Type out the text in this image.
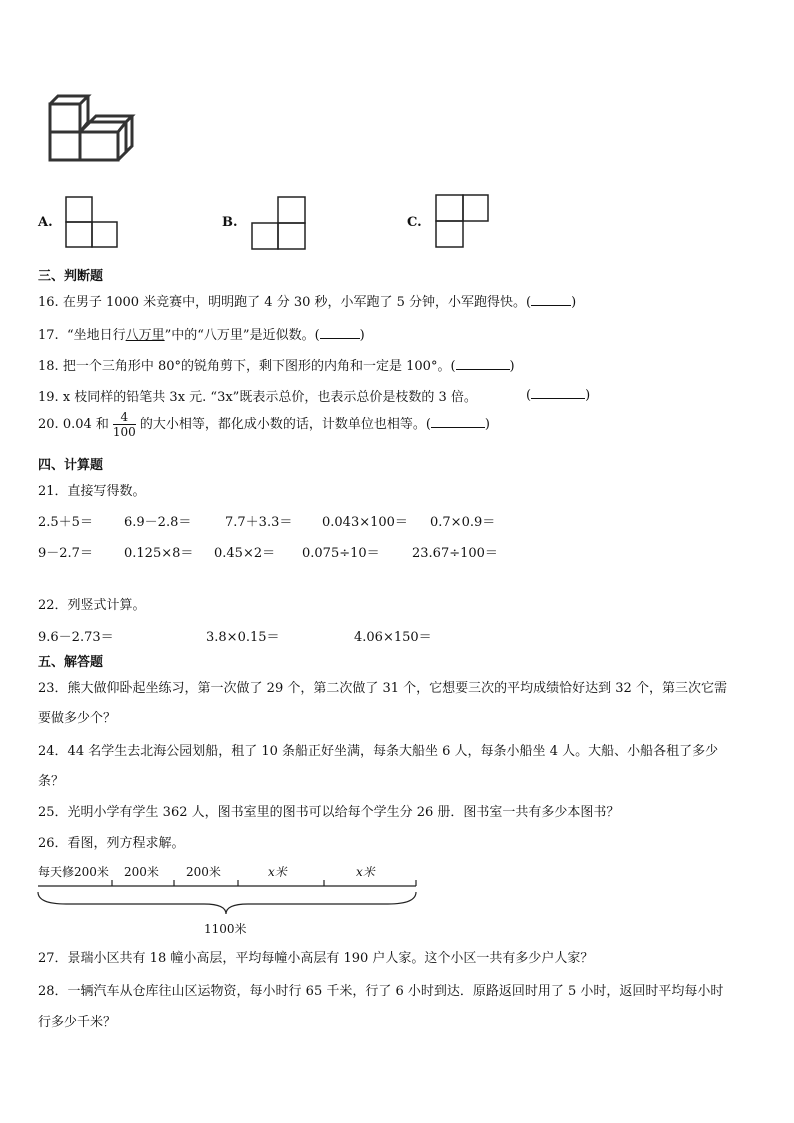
A.	B.	C.
三、判断题
16. 在男子 1000 米竞赛中，明明跑了 4 分 30 秒，小军跑了 5 分钟，小军跑得快。(	)
17. “坐地日行八万里”中的“八万里”是近似数。(	)
18. 把一个三角形中 80°的锐角剪下，剩下图形的内角和一定是 100°。(	)
19. x 枝同样的铅笔共 3x 元. “3x”既表示总价，也表示总价是枝数的 3 倍。	(	)
20. 0.04 和 $\frac{4}{100}$ 的大小相等，都化成小数的话，计数单位也相等。(	)
四、计算题
21．直接写得数。
2.5＋5＝ 6.9－2.8＝	7.7＋3.3＝ 0.043×100＝ 0.7×0.9＝
9－2.7＝ 0.125×8＝ 0.45×2＝ 0.075÷10＝ 23.67÷100＝
22．列竖式计算。
9.6－2.73＝	3.8×0.15＝	4.06×150＝
五、解答题
23．熊大做仰卧起坐练习，第一次做了 29 个，第二次做了 31 个，它想要三次的平均成绩恰好达到 32 个，第三次它需
要做多少个？
24．44 名学生去北海公园划船，租了 10 条船正好坐满，每条大船坐 6 人，每条小船坐 4 人。大船、小船各租了多少
条？
25．光明小学有学生 362 人，图书室里的图书可以给每个学生分 26 册．图书室一共有多少本图书？
26．看图，列方程求解。
每天修200米 200米 200米	x米	x米
1100米
27．景瑞小区共有 18 幢小高层，平均每幢小高层有 190 户人家。这个小区一共有多少户人家？
28．一辆汽车从仓库往山区运物资，每小时行 65 千米，行了 6 小时到达．原路返回时用了 5 小时，返回时平均每小时
行多少千米？
